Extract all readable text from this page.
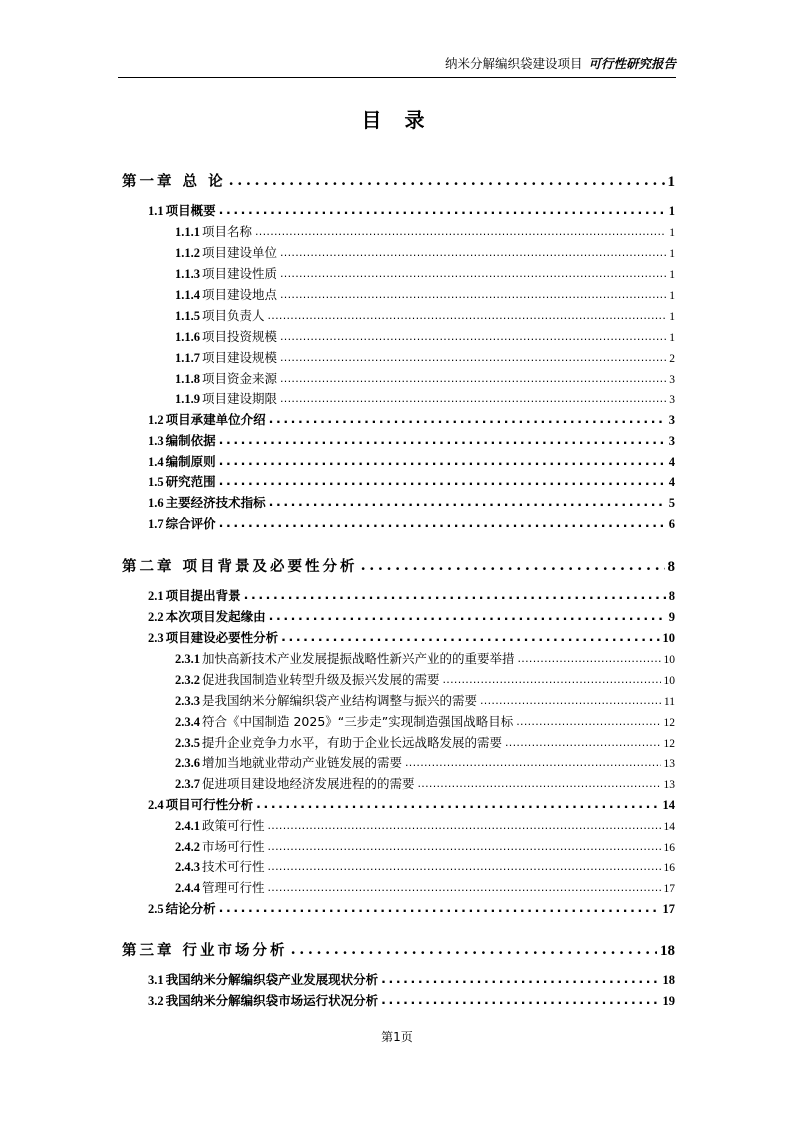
纳米分解编织袋建设项目 可行性研究报告
目 录
第一章 总 论 .....	1
1.1 项目概要 .....	1
1.1.1 项目名称 .....	1
1.1.2 项目建设单位 .....	1
1.1.3 项目建设性质 .....	1
1.1.4 项目建设地点 .....	1
1.1.5 项目负责人 .....	1
1.1.6 项目投资规模 .....	1
1.1.7 项目建设规模 .....	2
1.1.8 项目资金来源 .....	3
1.1.9 项目建设期限 .....	3
1.2 项目承建单位介绍 .....	3
1.3 编制依据 .....	3
1.4 编制原则 .....	4
1.5 研究范围 .....	4
1.6 主要经济技术指标 .....	5
1.7 综合评价 .....	6
第二章 项目背景及必要性分析 .....	8
2.1 项目提出背景 .....	8
2.2 本次项目发起缘由 .....	9
2.3 项目建设必要性分析 .....	10
2.3.1 加快高新技术产业发展提振战略性新兴产业的的重要举措 .....	10
2.3.2 促进我国制造业转型升级及振兴发展的需要 .....	10
2.3.3 是我国纳米分解编织袋产业结构调整与振兴的需要 .....	11
2.3.4 符合《中国制造 2025》“三步走”实现制造强国战略目标 .....	12
2.3.5 提升企业竞争力水平，有助于企业长远战略发展的需要 .....	12
2.3.6 增加当地就业带动产业链发展的需要 .....	13
2.3.7 促进项目建设地经济发展进程的的需要 .....	13
2.4 项目可行性分析 .....	14
2.4.1 政策可行性 .....	14
2.4.2 市场可行性 .....	16
2.4.3 技术可行性 .....	16
2.4.4 管理可行性 .....	17
2.5 结论分析 .....	17
第三章 行业市场分析 .....	18
3.1 我国纳米分解编织袋产业发展现状分析 .....	18
3.2 我国纳米分解编织袋市场运行状况分析 .....	19
第1页
